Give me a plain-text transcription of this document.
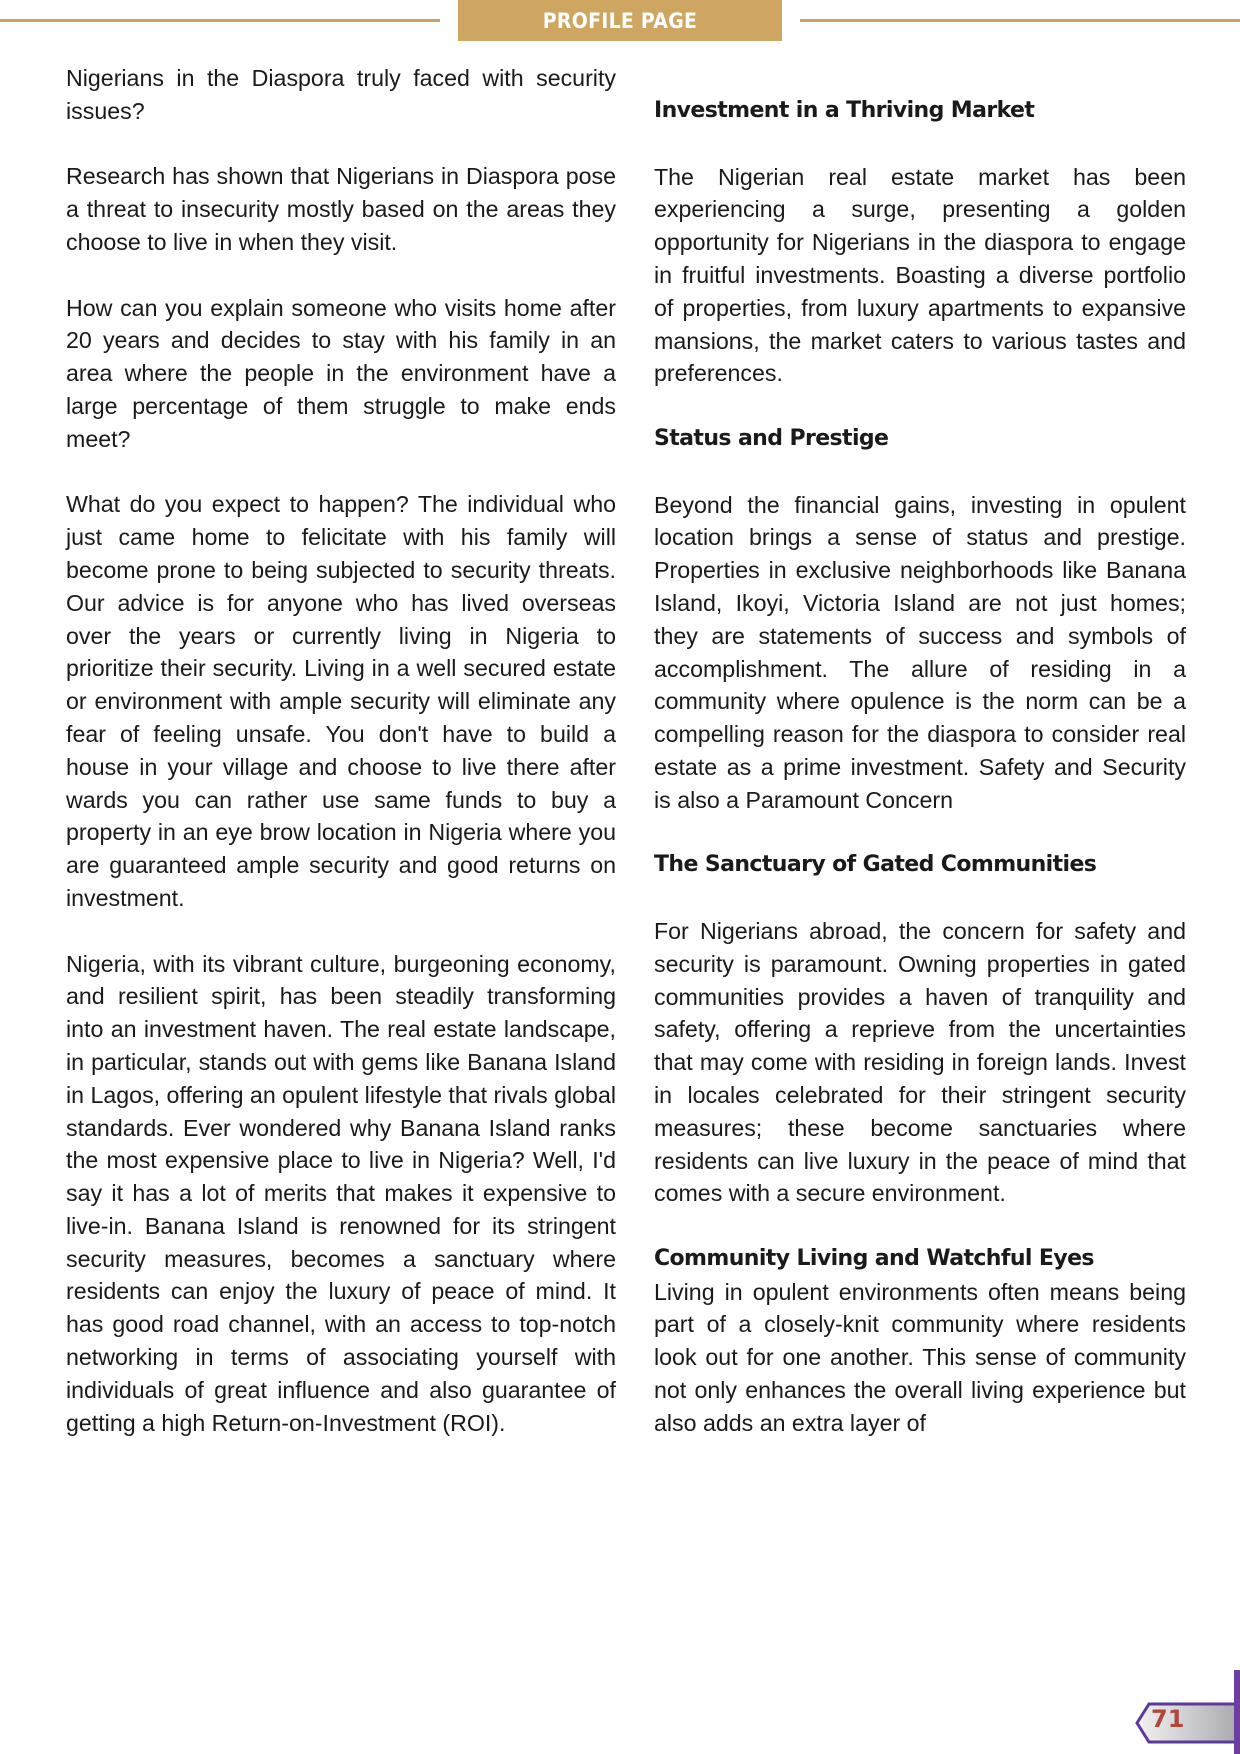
PROFILE PAGE

Nigerians in the Diaspora truly faced with security issues?

Research has shown that Nigerians in Diaspora pose a threat to insecurity mostly based on the areas they choose to live in when they visit.

How can you explain someone who visits home after 20 years and decides to stay with his family in an area where the people in the environment have a large percentage of them struggle to make ends meet?

What do you expect to happen? The individual who just came home to felicitate with his family will become prone to being subjected to security threats. Our advice is for anyone who has lived overseas over the years or currently living in Nigeria to prioritize their security. Living in a well secured estate or environment with ample security will eliminate any fear of feeling unsafe. You don't have to build a house in your village and choose to live there after wards you can rather use same funds to buy a property in an eye brow location in Nigeria where you are guaranteed ample security and good returns on investment.

Nigeria, with its vibrant culture, burgeoning economy, and resilient spirit, has been steadily transforming into an investment haven. The real estate landscape, in particular, stands out with gems like Banana Island in Lagos, offering an opulent lifestyle that rivals global standards. Ever wondered why Banana Island ranks the most expensive place to live in Nigeria? Well, I'd say it has a lot of merits that makes it expensive to live-in. Banana Island is renowned for its stringent security measures, becomes a sanctuary where residents can enjoy the luxury of peace of mind. It has good road channel, with an access to top-notch networking in terms of associating yourself with individuals of great influence and also guarantee of getting a high Return-on-Investment (ROI).

Investment in a Thriving Market

The Nigerian real estate market has been experiencing a surge, presenting a golden opportunity for Nigerians in the diaspora to engage in fruitful investments. Boasting a diverse portfolio of properties, from luxury apartments to expansive mansions, the market caters to various tastes and preferences.

Status and Prestige

Beyond the financial gains, investing in opulent location brings a sense of status and prestige. Properties in exclusive neighborhoods like Banana Island, Ikoyi, Victoria Island are not just homes; they are statements of success and symbols of accomplishment. The allure of residing in a community where opulence is the norm can be a compelling reason for the diaspora to consider real estate as a prime investment. Safety and Security is also a Paramount Concern

The Sanctuary of Gated Communities

For Nigerians abroad, the concern for safety and security is paramount. Owning properties in gated communities provides a haven of tranquility and safety, offering a reprieve from the uncertainties that may come with residing in foreign lands. Invest in locales celebrated for their stringent security measures; these become sanctuaries where residents can live luxury in the peace of mind that comes with a secure environment.

Community Living and Watchful Eyes

Living in opulent environments often means being part of a closely-knit community where residents look out for one another. This sense of community not only enhances the overall living experience but also adds an extra layer of

71
